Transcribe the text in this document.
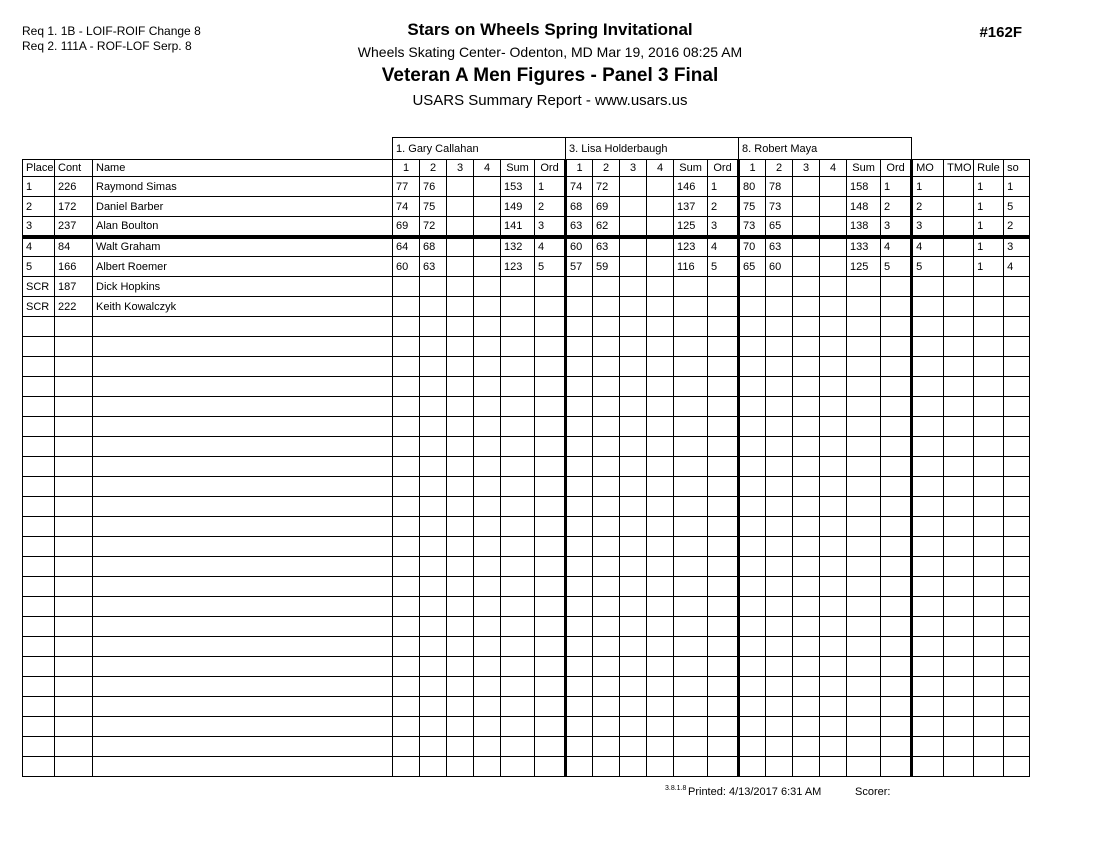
Req 1. 1B - LOIF-ROIF Change 8
Req 2. 111A - ROF-LOF Serp. 8
#162F
Stars on Wheels Spring Invitational
Wheels Skating Center- Odenton, MD Mar 19, 2016 08:25 AM
Veteran A Men Figures - Panel 3 Final
USARS Summary Report - www.usars.us
			1. Gary Callahan						3. Lisa Holderbaugh						8. Robert Maya									
Place	Cont	Name	1	2	3	4	Sum	Ord	1	2	3	4	Sum	Ord	1	2	3	4	Sum	Ord	MO	TMO	Rule	so
1	226	Raymond Simas	77	76			153	1	74	72			146	1	80	78			158	1	1		1	1
2	172	Daniel Barber	74	75			149	2	68	69			137	2	75	73			148	2	2		1	5
3	237	Alan Boulton	69	72			141	3	63	62			125	3	73	65			138	3	3		1	2
4	84	Walt Graham	64	68			132	4	60	63			123	4	70	63			133	4	4		1	3
5	166	Albert Roemer	60	63			123	5	57	59			116	5	65	60			125	5	5		1	4
SCR	187	Dick Hopkins																						
SCR	222	Keith Kowalczyk																						

3.8.1.8 Printed: 4/13/2017 6:31 AM	Scorer:
